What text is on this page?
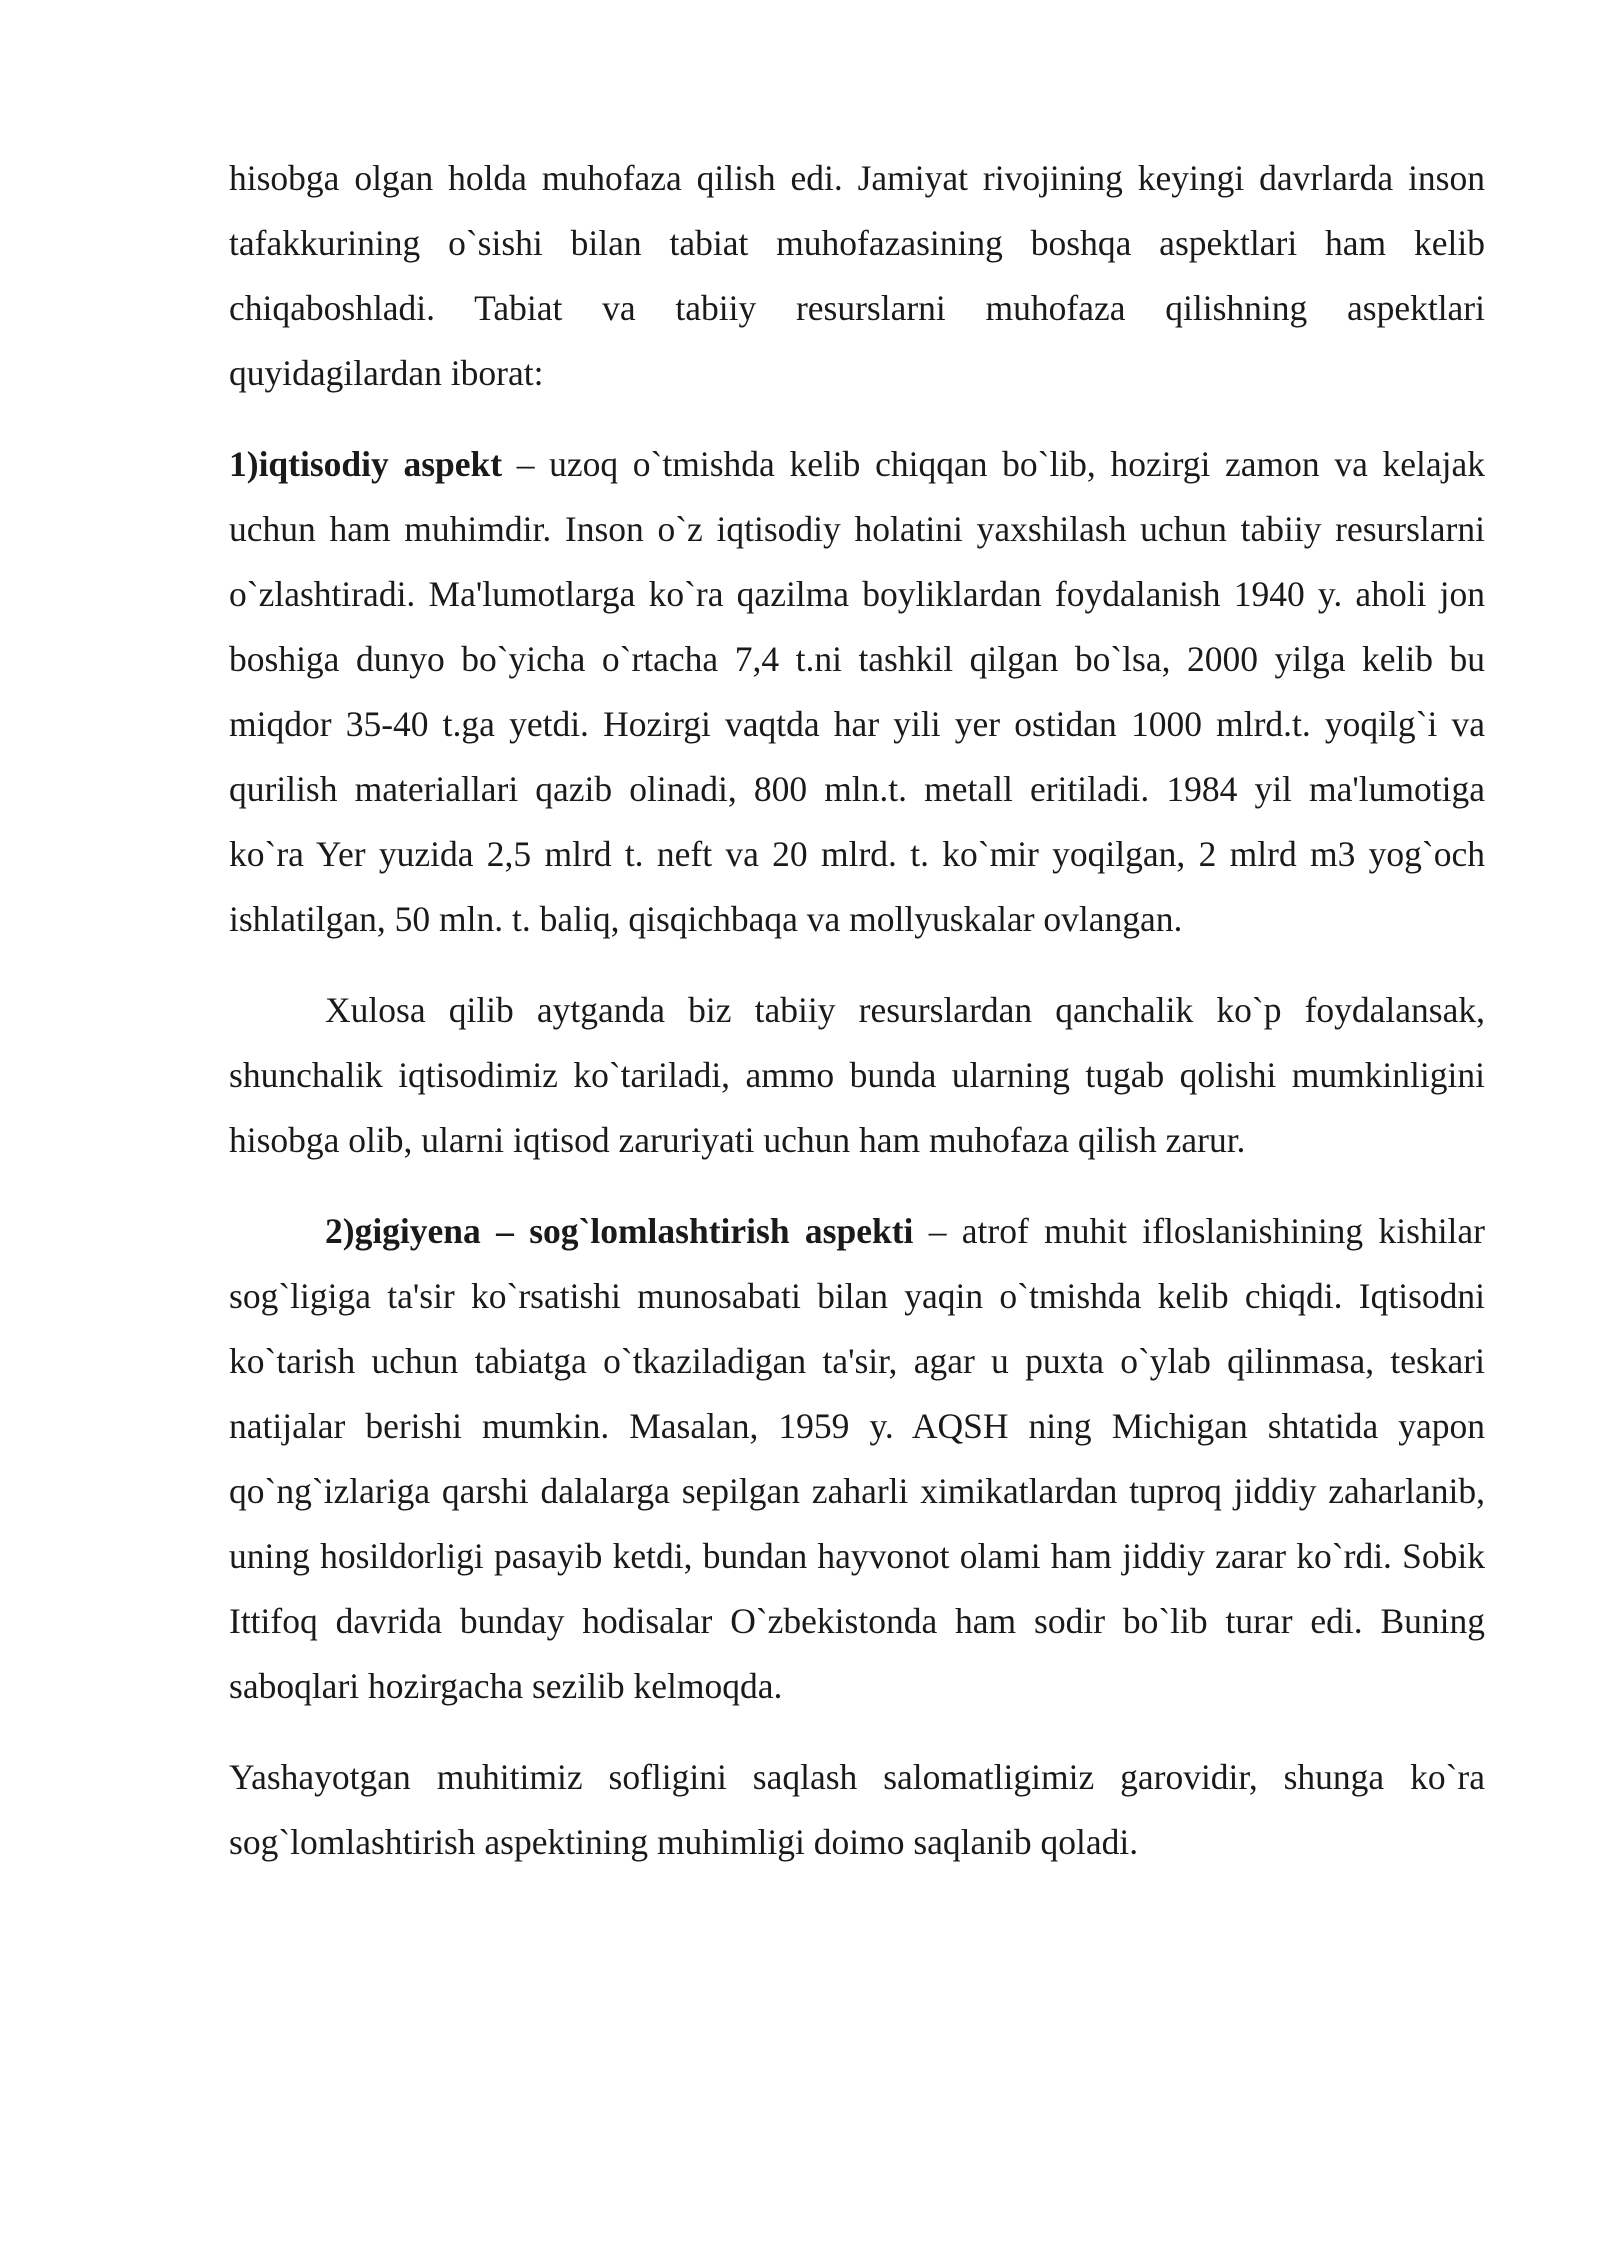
hisobga olgan holda muhofaza qilish edi. Jamiyat rivojining keyingi davrlarda inson tafakkurining o`sishi bilan tabiat muhofazasining boshqa aspektlari ham kelib chiqaboshladi. Tabiat va tabiiy resurslarni muhofaza qilishning aspektlari quyidagilardan iborat:

1)iqtisodiy aspekt – uzoq o`tmishda kelib chiqqan bo`lib, hozirgi zamon va kelajak uchun ham muhimdir. Inson o`z iqtisodiy holatini yaxshilash uchun tabiiy resurslarni o`zlashtiradi. Ma'lumotlarga ko`ra qazilma boyliklardan foydalanish 1940 y. aholi jon boshiga dunyo bo`yicha o`rtacha 7,4 t.ni tashkil qilgan bo`lsa, 2000 yilga kelib bu miqdor 35-40 t.ga yetdi. Hozirgi vaqtda har yili yer ostidan 1000 mlrd.t. yoqilg`i va qurilish materiallari qazib olinadi, 800 mln.t. metall eritiladi. 1984 yil ma'lumotiga ko`ra Yer yuzida 2,5 mlrd t. neft va 20 mlrd. t. ko`mir yoqilgan, 2 mlrd m3 yog`och ishlatilgan, 50 mln. t. baliq, qisqichbaqa va mollyuskalar ovlangan.

Xulosa qilib aytganda biz tabiiy resurslardan qanchalik ko`p foydalansak, shunchalik iqtisodimiz ko`tariladi, ammo bunda ularning tugab qolishi mumkinligini hisobga olib, ularni iqtisod zaruriyati uchun ham muhofaza qilish zarur.

2)gigiyena – sog`lomlashtirish aspekti – atrof muhit ifloslanishining kishilar sog`ligiga ta'sir ko`rsatishi munosabati bilan yaqin o`tmishda kelib chiqdi. Iqtisodni ko`tarish uchun tabiatga o`tkaziladigan ta'sir, agar u puxta o`ylab qilinmasa, teskari natijalar berishi mumkin. Masalan, 1959 y. AQSH ning Michigan shtatida yapon qo`ng`izlariga qarshi dalalarga sepilgan zaharli ximikatlardan tuproq jiddiy zaharlanib, uning hosildorligi pasayib ketdi, bundan hayvonot olami ham jiddiy zarar ko`rdi. Sobik Ittifoq davrida bunday hodisalar O`zbekistonda ham sodir bo`lib turar edi. Buning saboqlari hozirgacha sezilib kelmoqda.

Yashayotgan muhitimiz sofligini saqlash salomatligimiz garovidir, shunga ko`ra sog`lomlashtirish aspektining muhimligi doimo saqlanib qoladi.
